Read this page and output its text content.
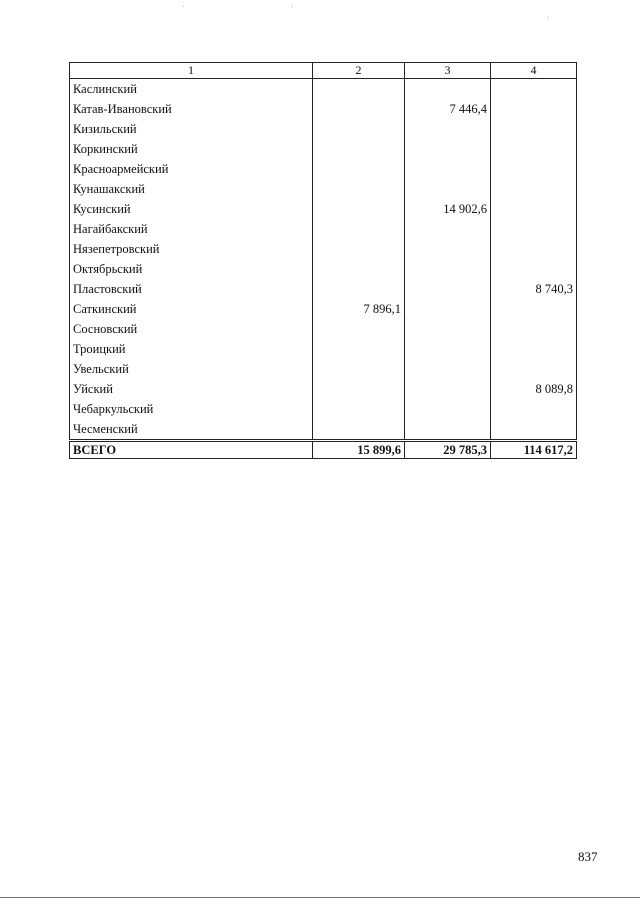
1	2	3	4
Каслинский			
Катав-Ивановский		7 446,4	
Кизильский			
Коркинский			
Красноармейский			
Кунашакский			
Кусинский		14 902,6	
Нагайбакский			
Нязепетровский			
Октябрьский			
Пластовский			8 740,3
Саткинский	7 896,1		
Сосновский			
Троицкий			
Увельский			
Уйский			8 089,8
Чебаркульский			
Чесменский			
ВСЕГО	15 899,6	29 785,3	114 617,2
837
